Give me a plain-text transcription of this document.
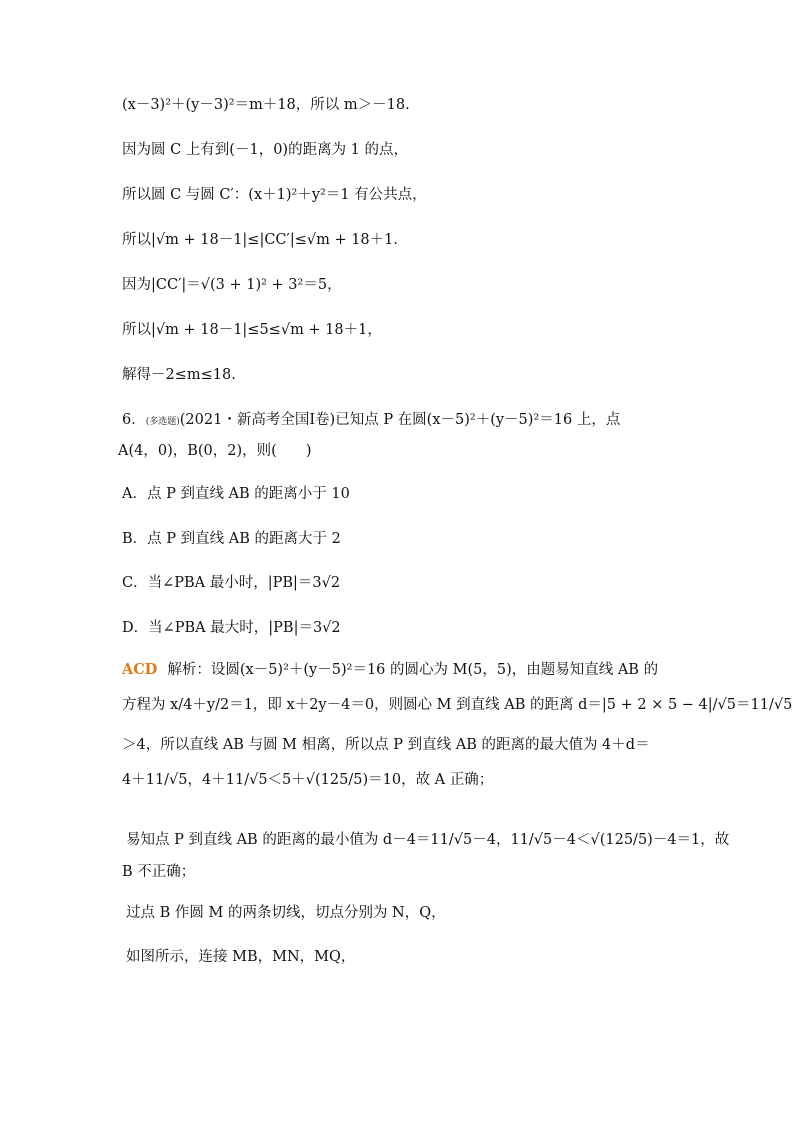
(x－3)²＋(y－3)²＝m＋18，所以 m＞－18.
因为圆 C 上有到(－1，0)的距离为 1 的点，
所以圆 C 与圆 C′：(x＋1)²＋y²＝1 有公共点，
所以|√m + 18－1|≤|CC′|≤√m + 18＋1.
因为|CC′|＝√(3 + 1)² + 3²＝5，
所以|√m + 18－1|≤5≤√m + 18＋1，
解得－2≤m≤18.
6．(多选题)(2021・新高考全国Ⅰ卷)已知点 P 在圆(x－5)²＋(y－5)²＝16 上，点
A(4，0)，B(0，2)，则(　　)
A．点 P 到直线 AB 的距离小于 10
B．点 P 到直线 AB 的距离大于 2
C．当∠PBA 最小时，|PB|＝3√2
D．当∠PBA 最大时，|PB|＝3√2
ACD 解析：设圆(x－5)²＋(y－5)²＝16 的圆心为 M(5，5)，由题易知直线 AB 的
方程为 x/4＋y/2＝1，即 x＋2y－4＝0，则圆心 M 到直线 AB 的距离 d＝|5 + 2 × 5 − 4|/√5＝11/√5
＞4，所以直线 AB 与圆 M 相离，所以点 P 到直线 AB 的距离的最大值为 4＋d＝
4＋11/√5，4＋11/√5＜5＋√(125/5)＝10，故 A 正确；
易知点 P 到直线 AB 的距离的最小值为 d－4＝11/√5－4，11/√5－4＜√(125/5)－4＝1，故
B 不正确；
过点 B 作圆 M 的两条切线，切点分别为 N，Q，
如图所示，连接 MB，MN，MQ，
